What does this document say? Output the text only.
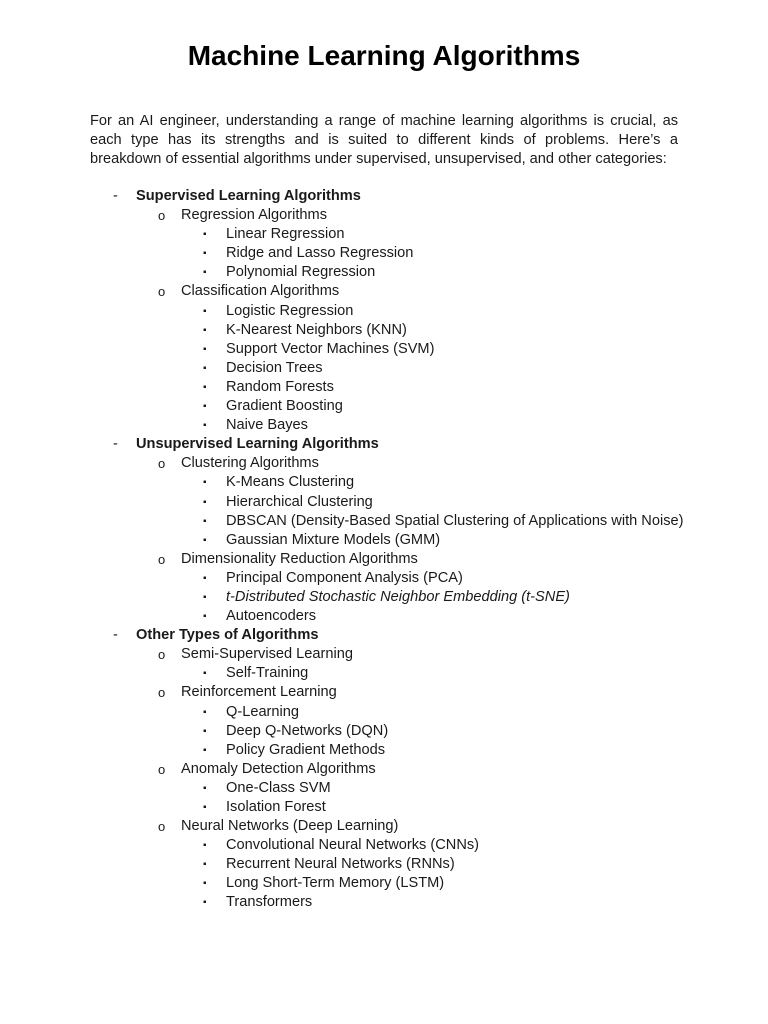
Machine Learning Algorithms

For an AI engineer, understanding a range of machine learning algorithms is crucial, as each type has its strengths and is suited to different kinds of problems. Here’s a breakdown of essential algorithms under supervised, unsupervised, and other categories:

- Supervised Learning Algorithms
o Regression Algorithms
▪ Linear Regression
▪ Ridge and Lasso Regression
▪ Polynomial Regression
o Classification Algorithms
▪ Logistic Regression
▪ K-Nearest Neighbors (KNN)
▪ Support Vector Machines (SVM)
▪ Decision Trees
▪ Random Forests
▪ Gradient Boosting
▪ Naive Bayes
- Unsupervised Learning Algorithms
o Clustering Algorithms
▪ K-Means Clustering
▪ Hierarchical Clustering
▪ DBSCAN (Density-Based Spatial Clustering of Applications with Noise)
▪ Gaussian Mixture Models (GMM)
o Dimensionality Reduction Algorithms
▪ Principal Component Analysis (PCA)
▪ t-Distributed Stochastic Neighbor Embedding (t-SNE)
▪ Autoencoders
- Other Types of Algorithms
o Semi-Supervised Learning
▪ Self-Training
o Reinforcement Learning
▪ Q-Learning
▪ Deep Q-Networks (DQN)
▪ Policy Gradient Methods
o Anomaly Detection Algorithms
▪ One-Class SVM
▪ Isolation Forest
o Neural Networks (Deep Learning)
▪ Convolutional Neural Networks (CNNs)
▪ Recurrent Neural Networks (RNNs)
▪ Long Short-Term Memory (LSTM)
▪ Transformers
